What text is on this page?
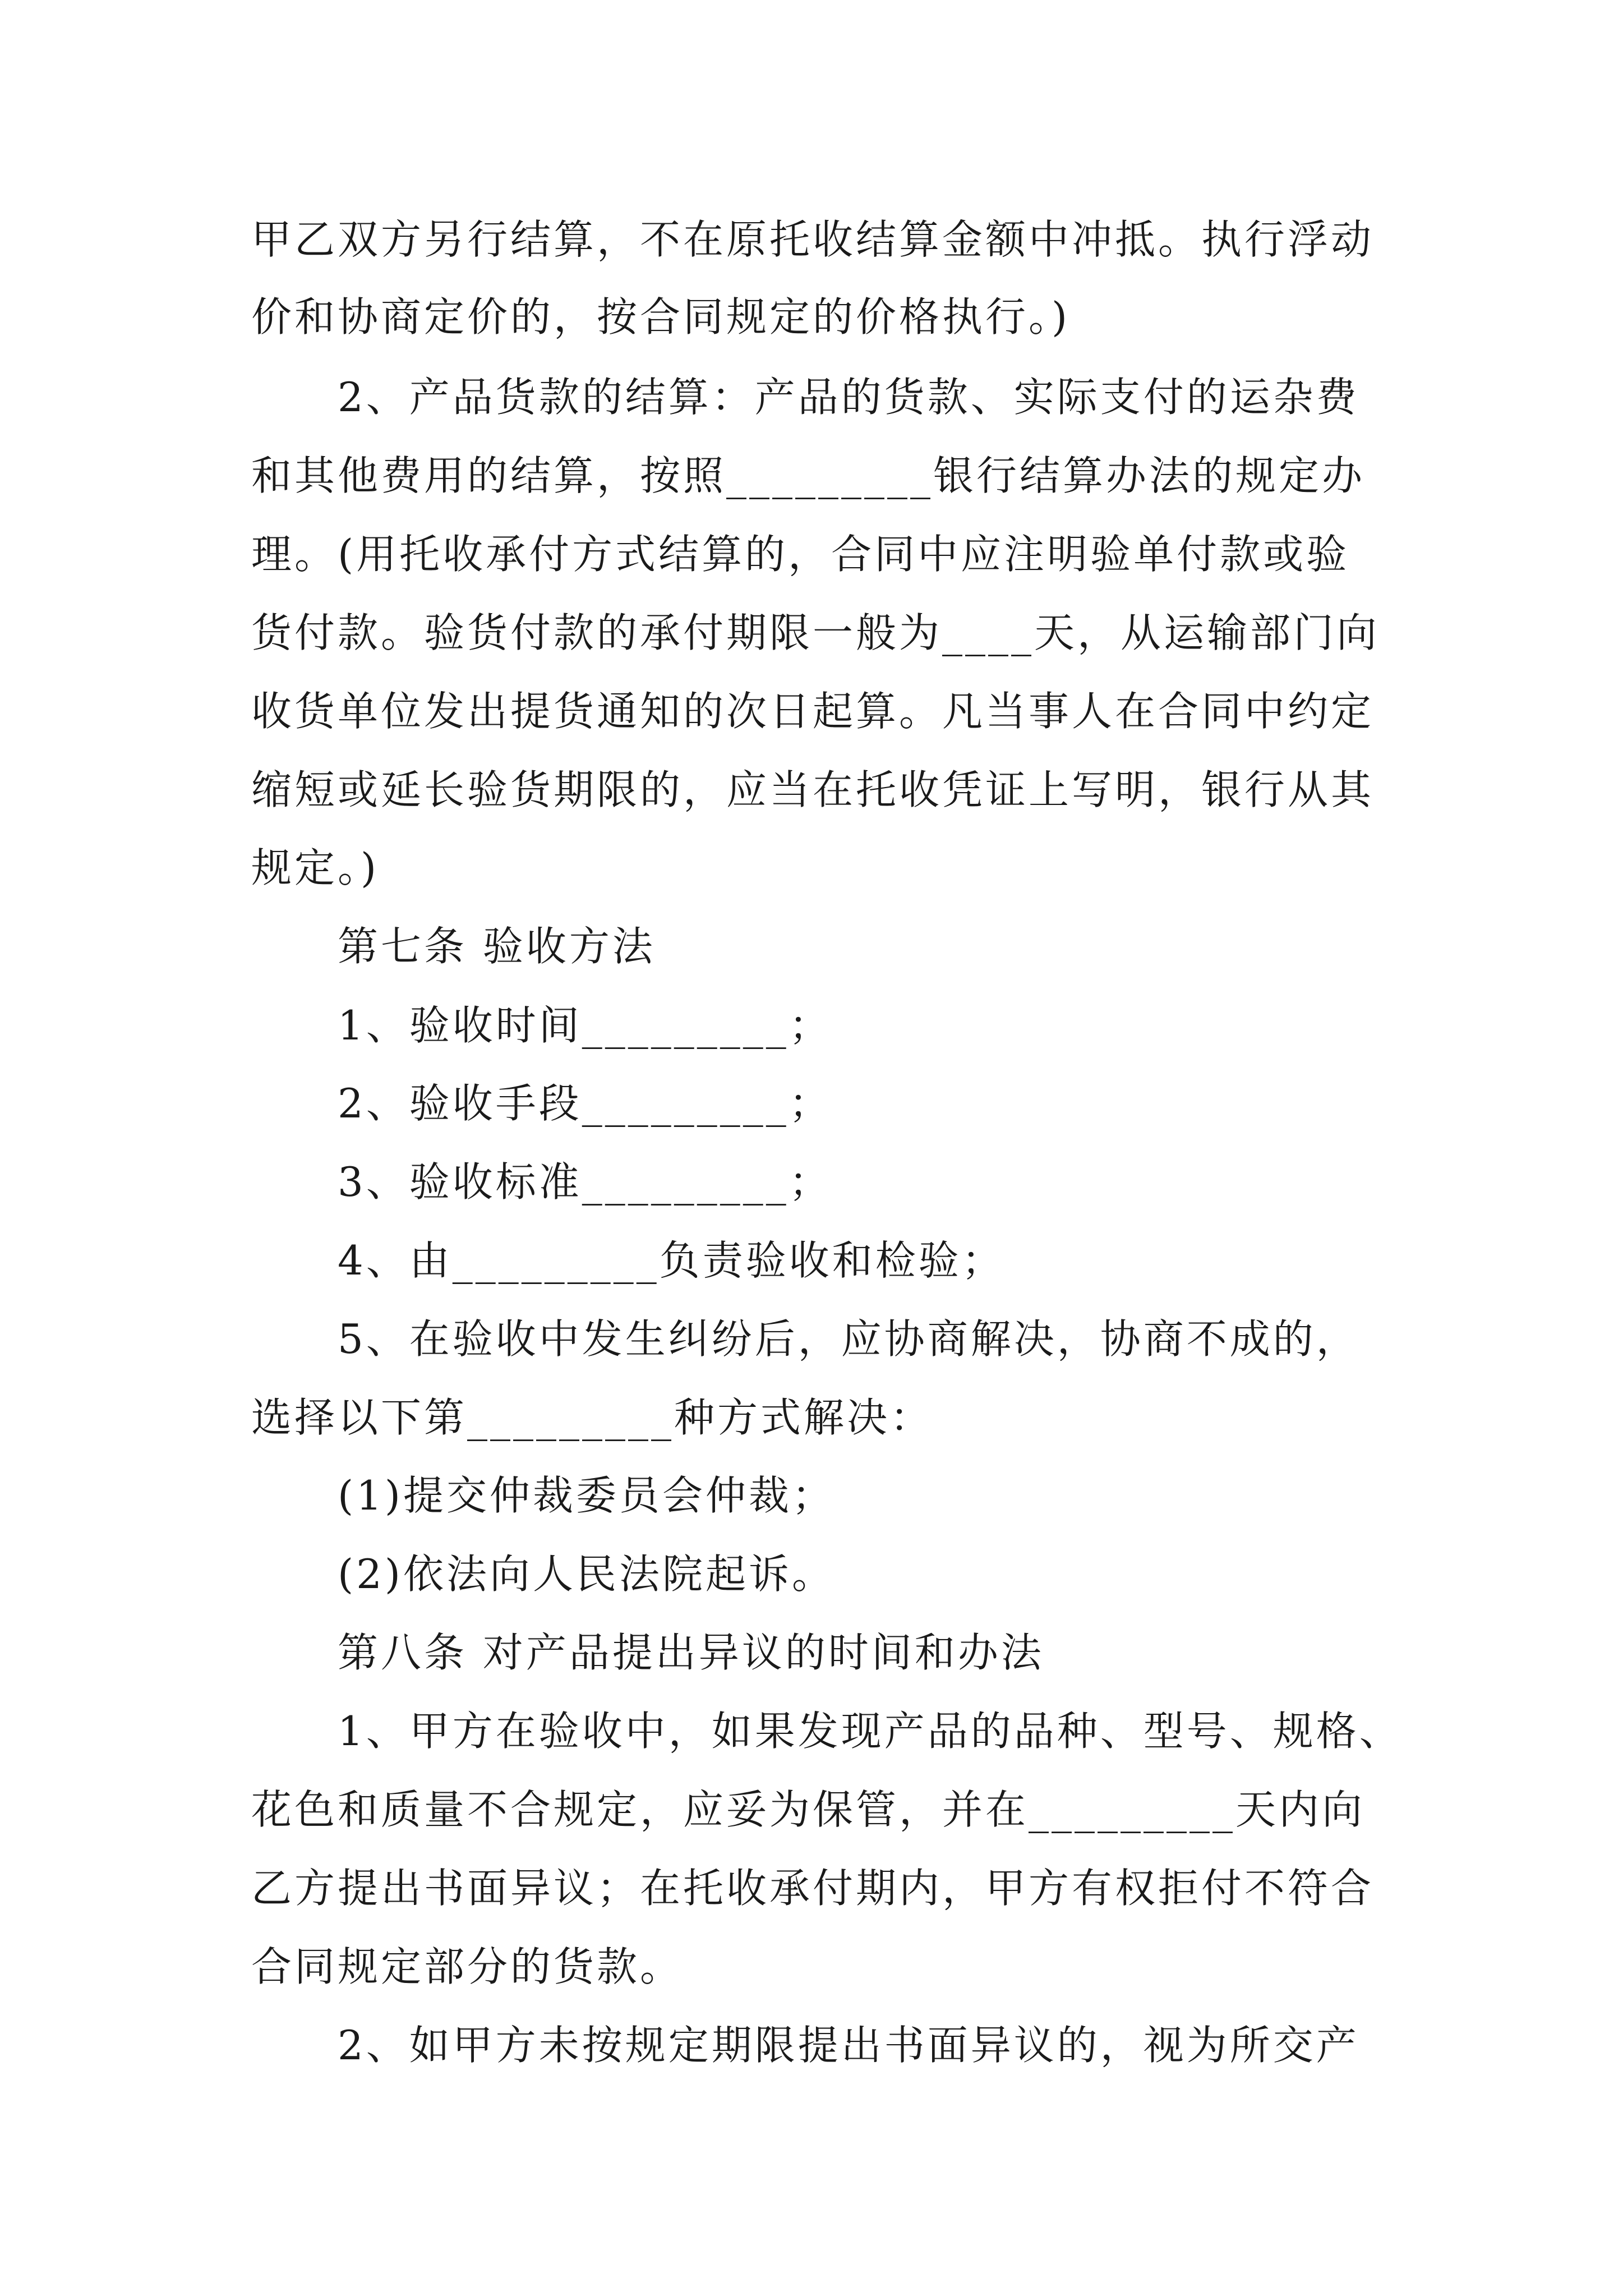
甲乙双方另行结算，不在原托收结算金额中冲抵。执行浮动
价和协商定价的，按合同规定的价格执行。)
2、产品货款的结算：产品的货款、实际支付的运杂费
和其他费用的结算，按照_________银行结算办法的规定办
理。(用托收承付方式结算的，合同中应注明验单付款或验
货付款。验货付款的承付期限一般为____天，从运输部门向
收货单位发出提货通知的次日起算。凡当事人在合同中约定
缩短或延长验货期限的，应当在托收凭证上写明，银行从其
规定。)
第七条 验收方法
1、验收时间_________；
2、验收手段_________；
3、验收标准_________；
4、由_________负责验收和检验；
5、在验收中发生纠纷后，应协商解决，协商不成的，
选择以下第_________种方式解决：
(1)提交仲裁委员会仲裁；
(2)依法向人民法院起诉。
第八条 对产品提出异议的时间和办法
1、甲方在验收中，如果发现产品的品种、型号、规格、
花色和质量不合规定，应妥为保管，并在_________天内向
乙方提出书面异议；在托收承付期内，甲方有权拒付不符合
合同规定部分的货款。
2、如甲方未按规定期限提出书面异议的，视为所交产
